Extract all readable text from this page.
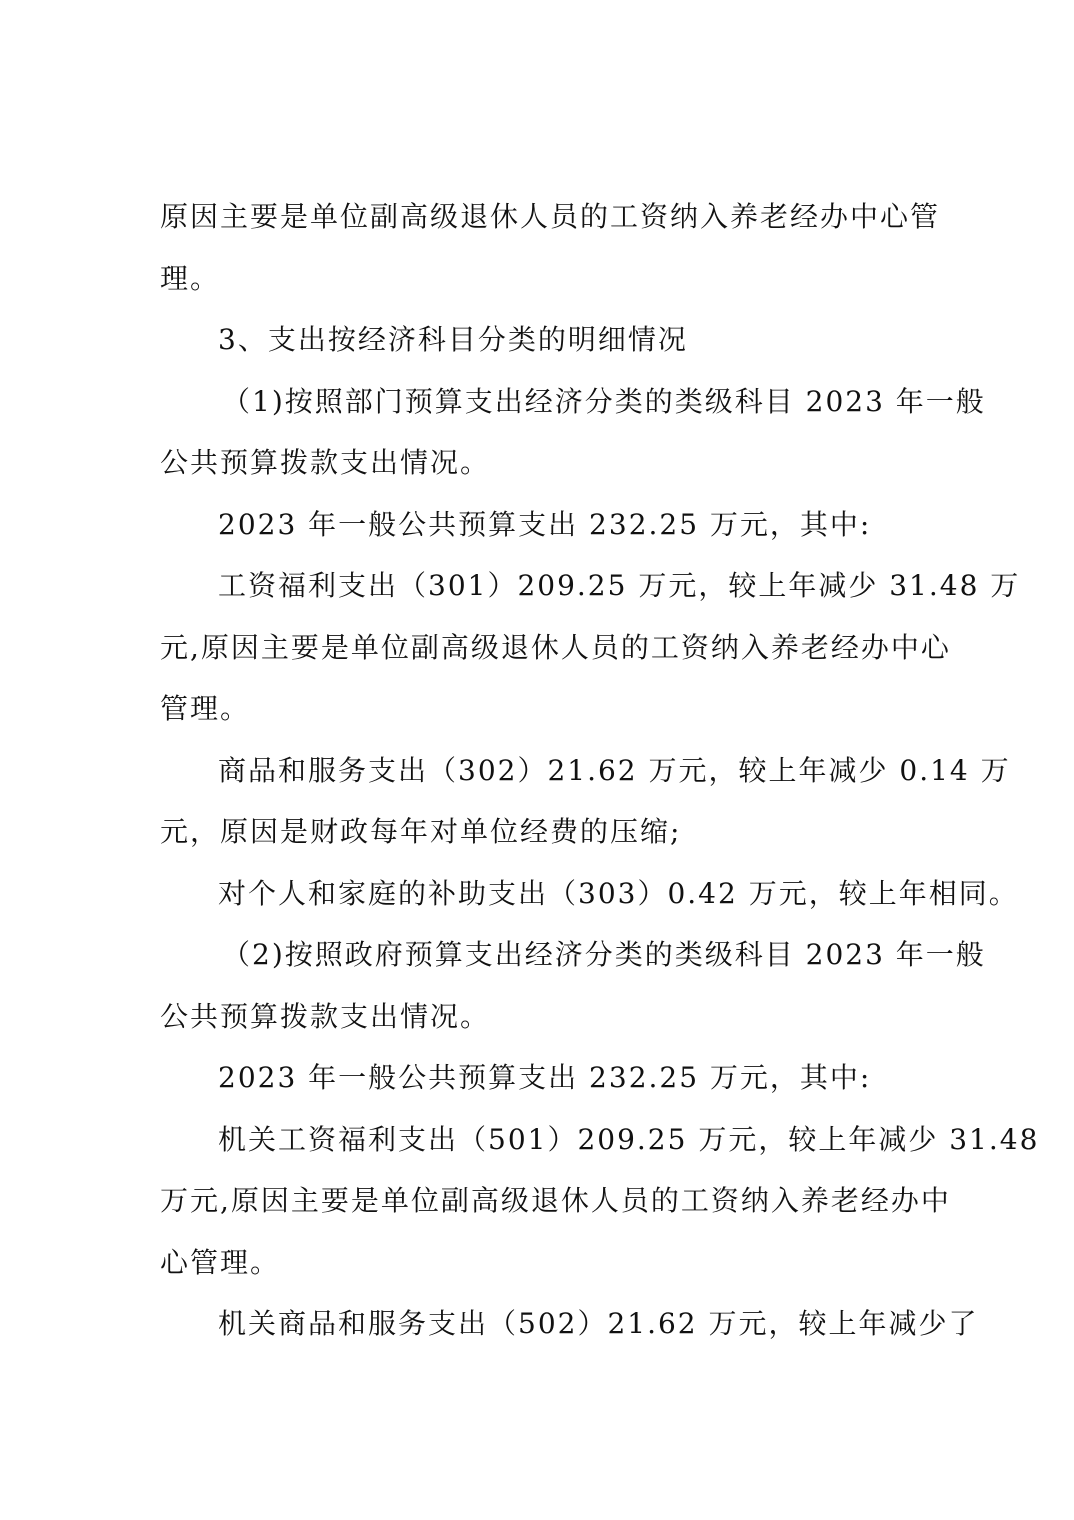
原因主要是单位副高级退休人员的工资纳入养老经办中心管
理。
3、支出按经济科目分类的明细情况
（1)按照部门预算支出经济分类的类级科目 2023 年一般
公共预算拨款支出情况。
2023 年一般公共预算支出 232.25 万元，其中:
工资福利支出（301）209.25 万元，较上年减少 31.48 万
元,原因主要是单位副高级退休人员的工资纳入养老经办中心
管理。
商品和服务支出（302）21.62 万元，较上年减少 0.14 万
元，原因是财政每年对单位经费的压缩;
对个人和家庭的补助支出（303）0.42 万元，较上年相同。
（2)按照政府预算支出经济分类的类级科目 2023 年一般
公共预算拨款支出情况。
2023 年一般公共预算支出 232.25 万元，其中:
机关工资福利支出（501）209.25 万元，较上年减少 31.48
万元,原因主要是单位副高级退休人员的工资纳入养老经办中
心管理。
机关商品和服务支出（502）21.62 万元，较上年减少了
